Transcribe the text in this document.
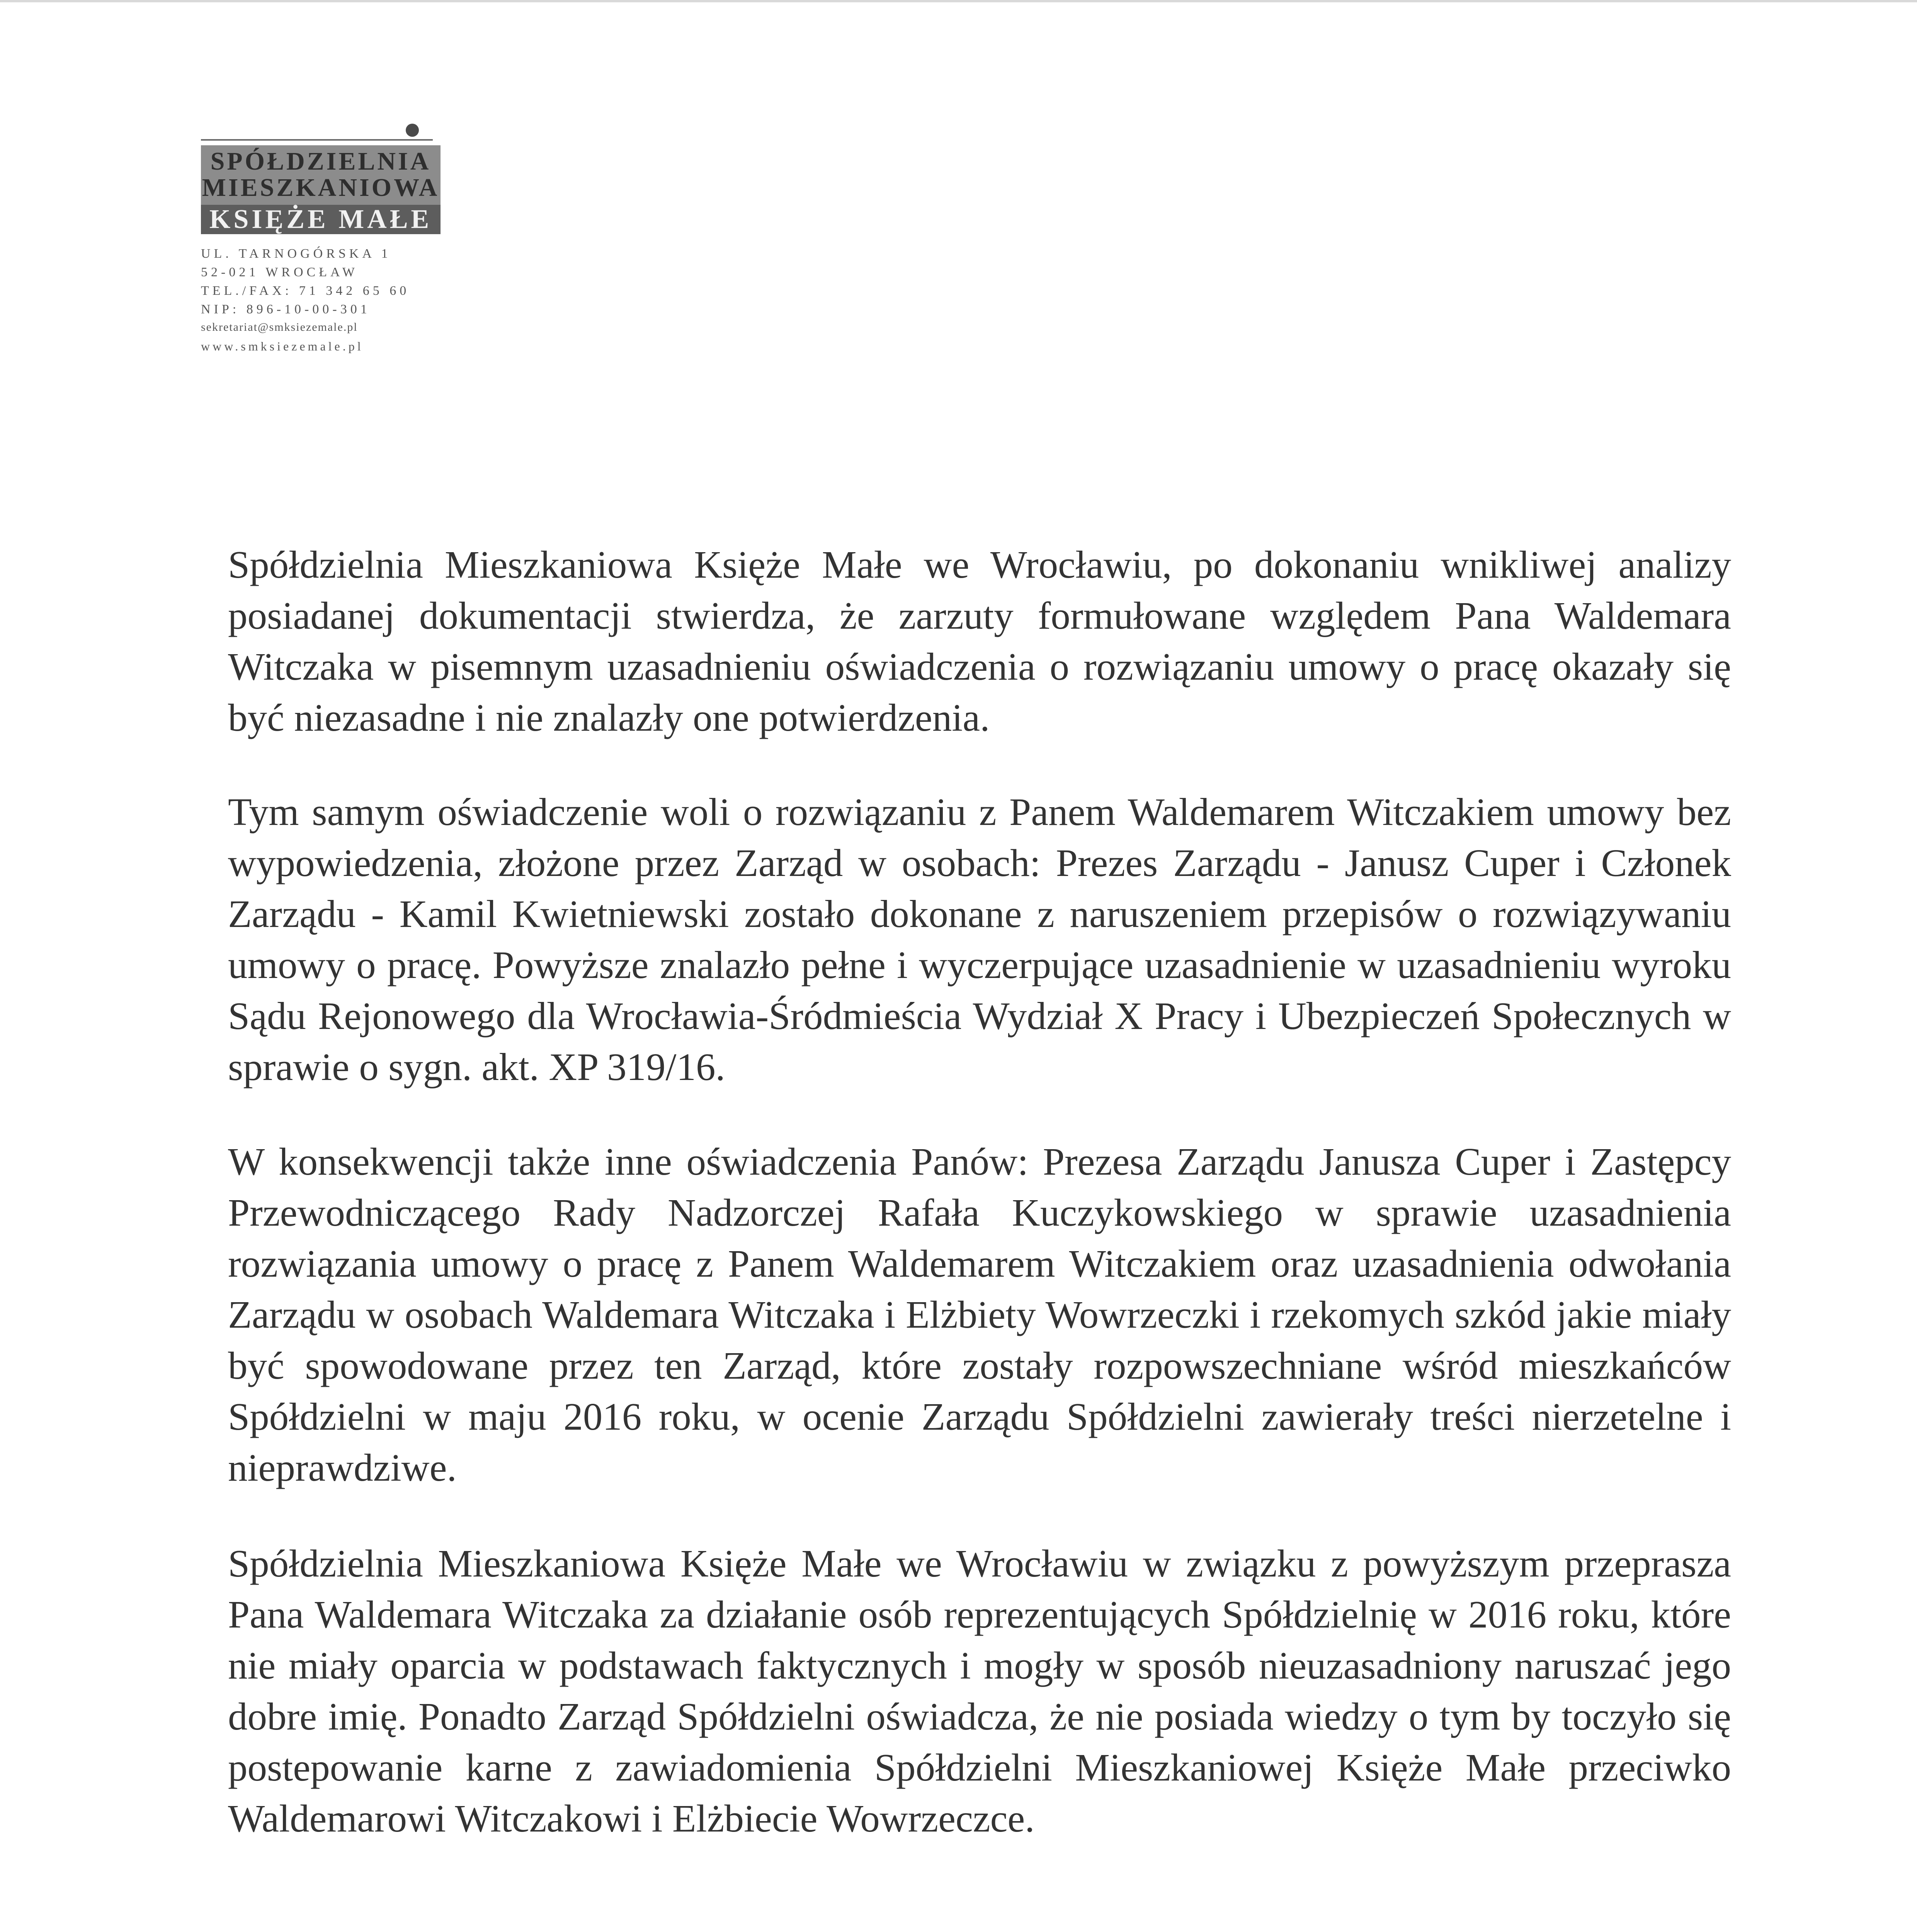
SPÓŁDZIELNIA
MIESZKANIOWA
KSIĘŻE MAŁE
UL. TARNOGÓRSKA 1
52-021 WROCŁAW
TEL./FAX: 71 342 65 60
NIP: 896-10-00-301
sekretariat@smksiezemale.pl
www.smksiezemale.pl
Spółdzielnia Mieszkaniowa Księże Małe we Wrocławiu, po dokonaniu wnikliwej analizy posiadanej dokumentacji stwierdza, że zarzuty formułowane względem Pana Waldemara Witczaka w pisemnym uzasadnieniu oświadczenia o rozwiązaniu umowy o pracę okazały się być niezasadne i nie znalazły one potwierdzenia.
Tym samym oświadczenie woli o rozwiązaniu z Panem Waldemarem Witczakiem umowy bez wypowiedzenia, złożone przez Zarząd w osobach: Prezes Zarządu - Janusz Cuper i Członek Zarządu - Kamil Kwietniewski zostało dokonane z naruszeniem przepisów o rozwiązywaniu umowy o pracę. Powyższe znalazło pełne i wyczerpujące uzasadnienie w uzasadnieniu wyroku Sądu Rejonowego dla Wrocławia-Śródmieścia Wydział X Pracy i Ubezpieczeń Społecznych w sprawie o sygn. akt. XP 319/16.
W konsekwencji także inne oświadczenia Panów: Prezesa Zarządu Janusza Cuper i Zastępcy Przewodniczącego Rady Nadzorczej Rafała Kuczykowskiego w sprawie uzasadnienia rozwiązania umowy o pracę z Panem Waldemarem Witczakiem oraz uzasadnienia odwołania Zarządu w osobach Waldemara Witczaka i Elżbiety Wowrzeczki i rzekomych szkód jakie miały być spowodowane przez ten Zarząd, które zostały rozpowszechniane wśród mieszkańców Spółdzielni w maju 2016 roku, w ocenie Zarządu Spółdzielni zawierały treści nierzetelne i nieprawdziwe.
Spółdzielnia Mieszkaniowa Księże Małe we Wrocławiu w związku z powyższym przeprasza Pana Waldemara Witczaka za działanie osób reprezentujących Spółdzielnię w 2016 roku, które nie miały oparcia w podstawach faktycznych i mogły w sposób nieuzasadniony naruszać jego dobre imię. Ponadto Zarząd Spółdzielni oświadcza, że nie posiada wiedzy o tym by toczyło się postepowanie karne z zawiadomienia Spółdzielni Mieszkaniowej Księże Małe przeciwko Waldemarowi Witczakowi i Elżbiecie Wowrzeczce.
